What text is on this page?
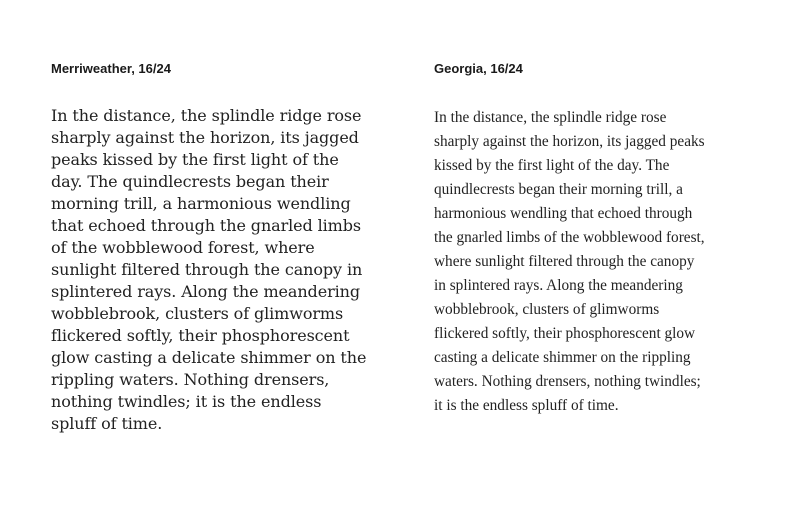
Merriweather, 16/24

In the distance, the splindle ridge rose
sharply against the horizon, its jagged
peaks kissed by the first light of the
day. The quindlecrests began their
morning trill, a harmonious wendling
that echoed through the gnarled limbs
of the wobblewood forest, where
sunlight filtered through the canopy in
splintered rays. Along the meandering
wobblebrook, clusters of glimworms
flickered softly, their phosphorescent
glow casting a delicate shimmer on the
rippling waters. Nothing drensers,
nothing twindles; it is the endless
spluff of time.

Georgia, 16/24

In the distance, the splindle ridge rose
sharply against the horizon, its jagged peaks
kissed by the first light of the day. The
quindlecrests began their morning trill, a
harmonious wendling that echoed through
the gnarled limbs of the wobblewood forest,
where sunlight filtered through the canopy
in splintered rays. Along the meandering
wobblebrook, clusters of glimworms
flickered softly, their phosphorescent glow
casting a delicate shimmer on the rippling
waters. Nothing drensers, nothing twindles;
it is the endless spluff of time.
